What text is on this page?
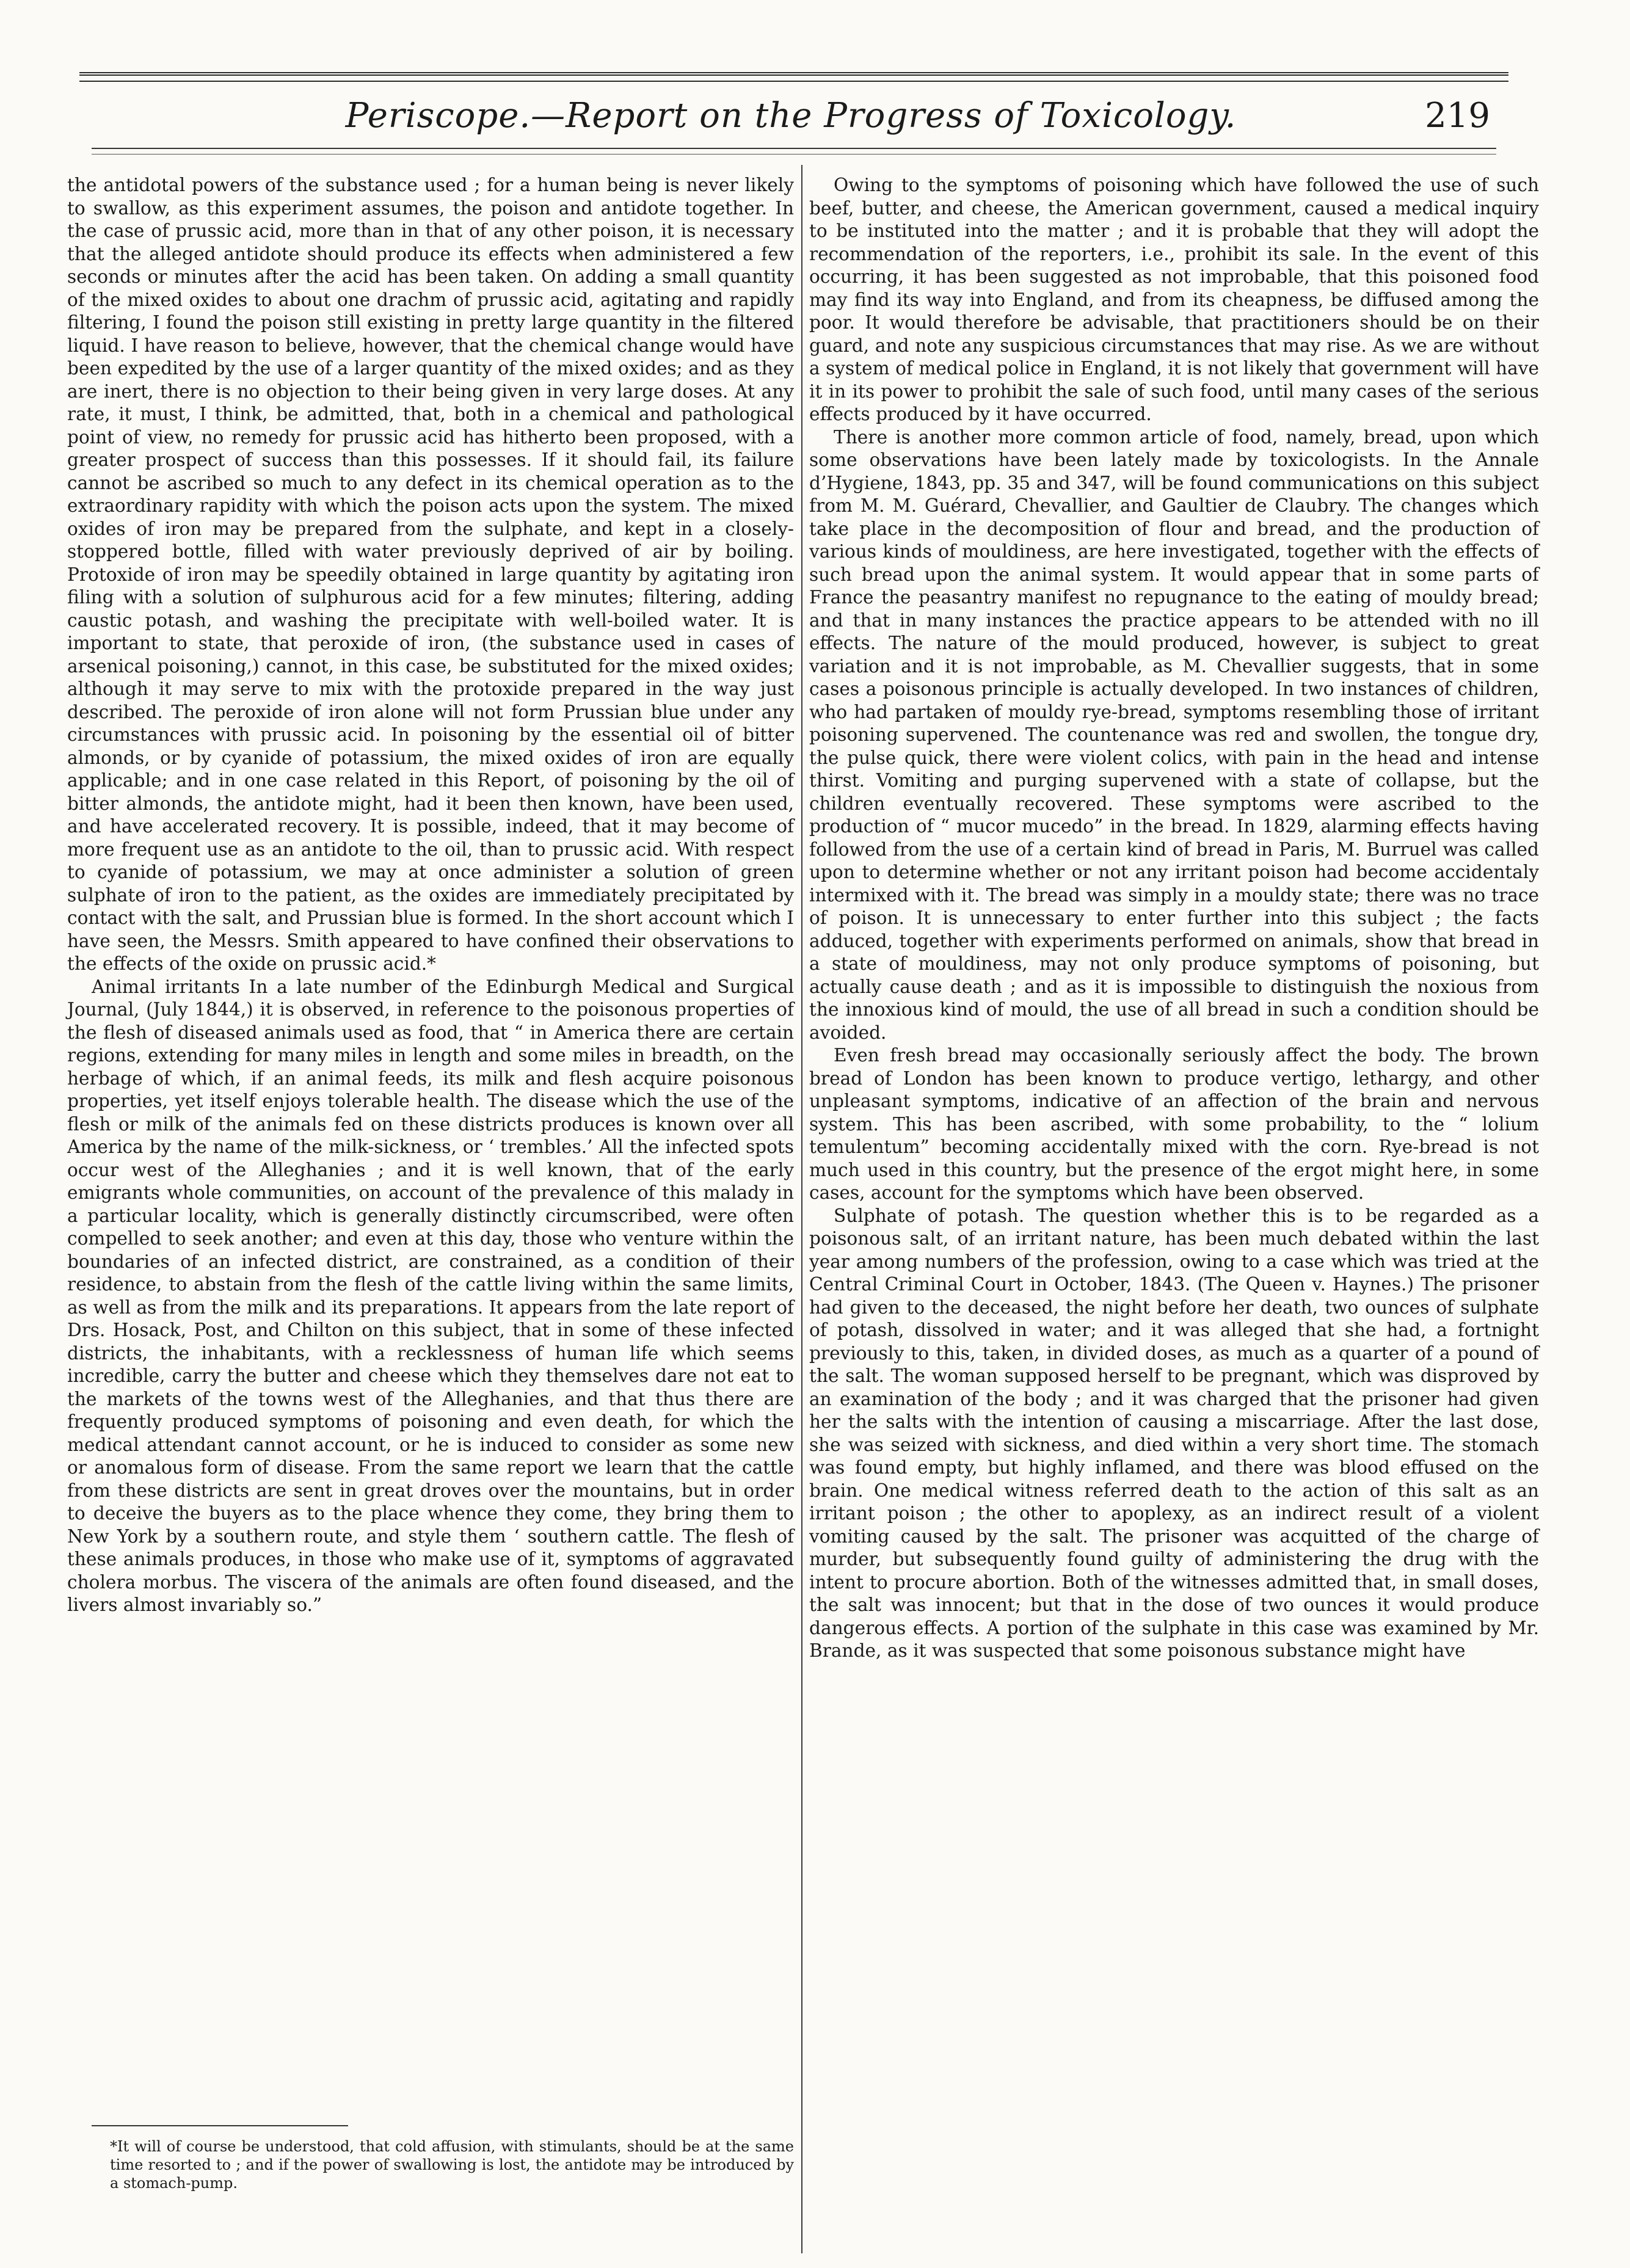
Periscope.—Report on the Progress of Toxicology.	219

the antidotal powers of the substance used ; for a human being is never likely to swallow, as this experiment assumes, the poison and antidote together. In the case of prussic acid, more than in that of any other poison, it is necessary that the alleged antidote should produce its effects when administered a few seconds or minutes after the acid has been taken. On adding a small quantity of the mixed oxides to about one drachm of prussic acid, agitating and rapidly filtering, I found the poison still existing in pretty large quantity in the filtered liquid. I have reason to believe, however, that the chemical change would have been expedited by the use of a larger quantity of the mixed oxides; and as they are inert, there is no objection to their being given in very large doses. At any rate, it must, I think, be admitted, that, both in a chemical and pathological point of view, no remedy for prussic acid has hitherto been proposed, with a greater prospect of success than this possesses. If it should fail, its failure cannot be ascribed so much to any defect in its chemical operation as to the extraordinary rapidity with which the poison acts upon the system. The mixed oxides of iron may be prepared from the sulphate, and kept in a closely-stoppered bottle, filled with water previously deprived of air by boiling. Protoxide of iron may be speedily obtained in large quantity by agitating iron filing with a solution of sulphurous acid for a few minutes; filtering, adding caustic potash, and washing the precipitate with well-boiled water. It is important to state, that peroxide of iron, (the substance used in cases of arsenical poisoning,) cannot, in this case, be substituted for the mixed oxides; although it may serve to mix with the protoxide prepared in the way just described. The peroxide of iron alone will not form Prussian blue under any circumstances with prussic acid. In poisoning by the essential oil of bitter almonds, or by cyanide of potassium, the mixed oxides of iron are equally applicable; and in one case related in this Report, of poisoning by the oil of bitter almonds, the antidote might, had it been then known, have been used, and have accelerated recovery. It is possible, indeed, that it may become of more frequent use as an antidote to the oil, than to prussic acid. With respect to cyanide of potassium, we may at once administer a solution of green sulphate of iron to the patient, as the oxides are immediately precipitated by contact with the salt, and Prussian blue is formed. In the short account which I have seen, the Messrs. Smith appeared to have confined their observations to the effects of the oxide on prussic acid.*

Animal irritants In a late number of the Edinburgh Medical and Surgical Journal, (July 1844,) it is observed, in reference to the poisonous properties of the flesh of diseased animals used as food, that “ in America there are certain regions, extending for many miles in length and some miles in breadth, on the herbage of which, if an animal feeds, its milk and flesh acquire poisonous properties, yet itself enjoys tolerable health. The disease which the use of the flesh or milk of the animals fed on these districts produces is known over all America by the name of the milk-sickness, or ‘ trembles.’ All the infected spots occur west of the Alleghanies ; and it is well known, that of the early emigrants whole communities, on account of the prevalence of this malady in a particular locality, which is generally distinctly circumscribed, were often compelled to seek another; and even at this day, those who venture within the boundaries of an infected district, are constrained, as a condition of their residence, to abstain from the flesh of the cattle living within the same limits, as well as from the milk and its preparations. It appears from the late report of Drs. Hosack, Post, and Chilton on this subject, that in some of these infected districts, the inhabitants, with a recklessness of human life which seems incredible, carry the butter and cheese which they themselves dare not eat to the markets of the towns west of the Alleghanies, and that thus there are frequently produced symptoms of poisoning and even death, for which the medical attendant cannot account, or he is induced to consider as some new or anomalous form of disease. From the same report we learn that the cattle from these districts are sent in great droves over the mountains, but in order to deceive the buyers as to the place whence they come, they bring them to New York by a southern route, and style them ‘ southern cattle. The flesh of these animals produces, in those who make use of it, symptoms of aggravated cholera morbus. The viscera of the animals are often found diseased, and the livers almost invariably so.”

Owing to the symptoms of poisoning which have followed the use of such beef, butter, and cheese, the American government, caused a medical inquiry to be instituted into the matter ; and it is probable that they will adopt the recommendation of the reporters, i.e., prohibit its sale. In the event of this occurring, it has been suggested as not improbable, that this poisoned food may find its way into England, and from its cheapness, be diffused among the poor. It would therefore be advisable, that practitioners should be on their guard, and note any suspicious circumstances that may rise. As we are without a system of medical police in England, it is not likely that government will have it in its power to prohibit the sale of such food, until many cases of the serious effects produced by it have occurred.

There is another more common article of food, namely, bread, upon which some observations have been lately made by toxicologists. In the Annale d’Hygiene, 1843, pp. 35 and 347, will be found communications on this subject from M. M. Guérard, Chevallier, and Gaultier de Claubry. The changes which take place in the decomposition of flour and bread, and the production of various kinds of mouldiness, are here investigated, together with the effects of such bread upon the animal system. It would appear that in some parts of France the peasantry manifest no repugnance to the eating of mouldy bread; and that in many instances the practice appears to be attended with no ill effects. The nature of the mould produced, however, is subject to great variation and it is not improbable, as M. Chevallier suggests, that in some cases a poisonous principle is actually developed. In two instances of children, who had partaken of mouldy rye-bread, symptoms resembling those of irritant poisoning supervened. The countenance was red and swollen, the tongue dry, the pulse quick, there were violent colics, with pain in the head and intense thirst. Vomiting and purging supervened with a state of collapse, but the children eventually recovered. These symptoms were ascribed to the production of “ mucor mucedo” in the bread. In 1829, alarming effects having followed from the use of a certain kind of bread in Paris, M. Burruel was called upon to determine whether or not any irritant poison had become accidentaly intermixed with it. The bread was simply in a mouldy state; there was no trace of poison. It is unnecessary to enter further into this subject ; the facts adduced, together with experiments performed on animals, show that bread in a state of mouldiness, may not only produce symptoms of poisoning, but actually cause death ; and as it is impossible to distinguish the noxious from the innoxious kind of mould, the use of all bread in such a condition should be avoided.

Even fresh bread may occasionally seriously affect the body. The brown bread of London has been known to produce vertigo, lethargy, and other unpleasant symptoms, indicative of an affection of the brain and nervous system. This has been ascribed, with some probability, to the “ lolium temulentum” becoming accidentally mixed with the corn. Rye-bread is not much used in this country, but the presence of the ergot might here, in some cases, account for the symptoms which have been observed.

Sulphate of potash. The question whether this is to be regarded as a poisonous salt, of an irritant nature, has been much debated within the last year among numbers of the profession, owing to a case which was tried at the Central Criminal Court in October, 1843. (The Queen v. Haynes.) The prisoner had given to the deceased, the night before her death, two ounces of sulphate of potash, dissolved in water; and it was alleged that she had, a fortnight previously to this, taken, in divided doses, as much as a quarter of a pound of the salt. The woman supposed herself to be pregnant, which was disproved by an examination of the body ; and it was charged that the prisoner had given her the salts with the intention of causing a miscarriage. After the last dose, she was seized with sickness, and died within a very short time. The stomach was found empty, but highly inflamed, and there was blood effused on the brain. One medical witness referred death to the action of this salt as an irritant poison ; the other to apoplexy, as an indirect result of a violent vomiting caused by the salt. The prisoner was acquitted of the charge of murder, but subsequently found guilty of administering the drug with the intent to procure abortion. Both of the witnesses admitted that, in small doses, the salt was innocent; but that in the dose of two ounces it would produce dangerous effects. A portion of the sulphate in this case was examined by Mr. Brande, as it was suspected that some poisonous substance might have

*It will of course be understood, that cold affusion, with stimulants, should be at the same time resorted to ; and if the power of swallowing is lost, the antidote may be introduced by a stomach-pump.
